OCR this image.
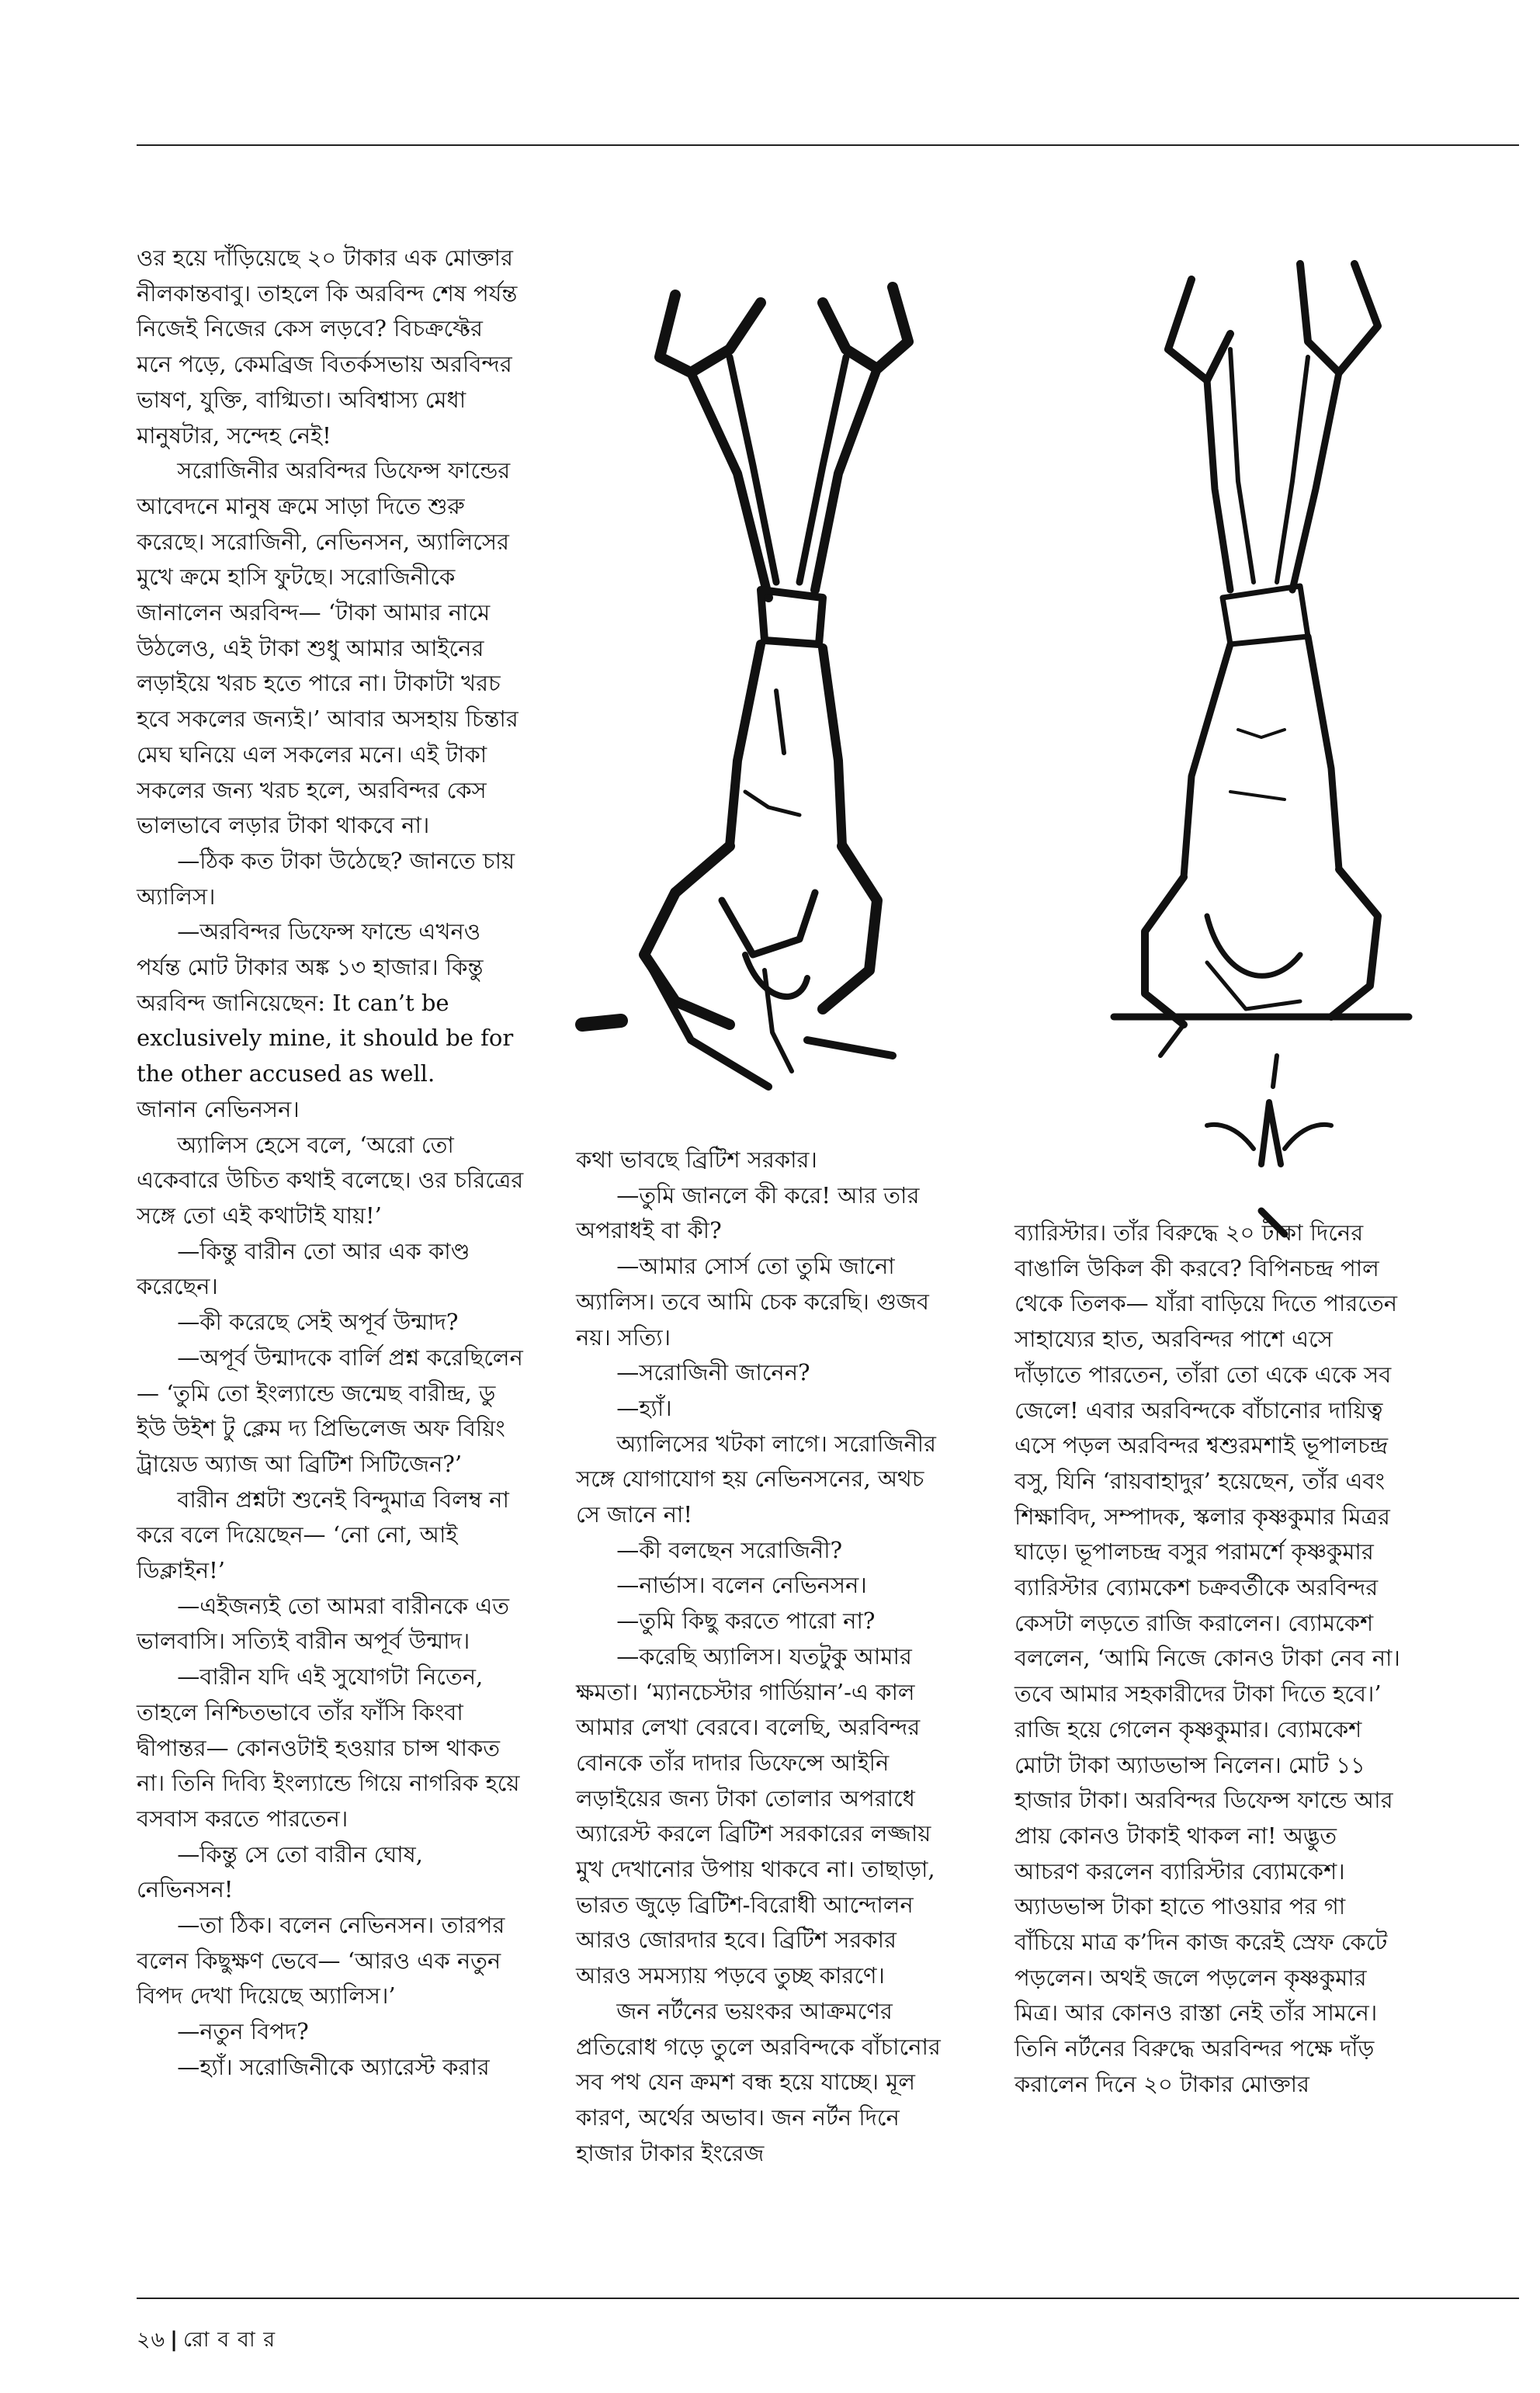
ওর হয়ে দাঁড়িয়েছে ২০ টাকার এক মোক্তার নীলকান্তবাবু। তাহলে কি অরবিন্দ শেষ পর্যন্ত নিজেই নিজের কেস লড়বে? বিচক্রফ্টের মনে পড়ে, কেমব্রিজ বিতর্কসভায় অরবিন্দর ভাষণ, যুক্তি, বাগ্মিতা। অবিশ্বাস্য মেধা মানুষটার, সন্দেহ নেই!

সরোজিনীর অরবিন্দর ডিফেন্স ফান্ডের আবেদনে মানুষ ক্রমে সাড়া দিতে শুরু করেছে। সরোজিনী, নেভিনসন, অ্যালিসের মুখে ক্রমে হাসি ফুটছে। সরোজিনীকে জানালেন অরবিন্দ— ‘টাকা আমার নামে উঠলেও, এই টাকা শুধু আমার আইনের লড়াইয়ে খরচ হতে পারে না। টাকাটা খরচ হবে সকলের জন্যই।’ আবার অসহায় চিন্তার মেঘ ঘনিয়ে এল সকলের মনে। এই টাকা সকলের জন্য খরচ হলে, অরবিন্দর কেস ভালভাবে লড়ার টাকা থাকবে না।

—ঠিক কত টাকা উঠেছে? জানতে চায় অ্যালিস।

—অরবিন্দর ডিফেন্স ফান্ডে এখনও পর্যন্ত মোট টাকার অঙ্ক ১৩ হাজার। কিন্তু অরবিন্দ জানিয়েছেন: It can’t be exclusively mine, it should be for the other accused as well.

জানান নেভিনসন।

অ্যালিস হেসে বলে, ‘অরো তো একেবারে উচিত কথাই বলেছে। ওর চরিত্রের সঙ্গে তো এই কথাটাই যায়!’

—কিন্তু বারীন তো আর এক কাণ্ড করেছেন।

—কী করেছে সেই অপূর্ব উন্মাদ?

—অপূর্ব উন্মাদকে বার্লি প্রশ্ন করেছিলেন— ‘তুমি তো ইংল্যান্ডে জন্মেছ বারীন্দ্র, ডু ইউ উইশ টু ক্লেম দ্য প্রিভিলেজ অফ বিয়িং ট্রায়েড অ্যাজ আ ব্রিটিশ সিটিজেন?’

বারীন প্রশ্নটা শুনেই বিন্দুমাত্র বিলম্ব না করে বলে দিয়েছেন— ‘নো নো, আই ডিক্লাইন!’

—এইজন্যই তো আমরা বারীনকে এত ভালবাসি। সত্যিই বারীন অপূর্ব উন্মাদ।

—বারীন যদি এই সুযোগটা নিতেন, তাহলে নিশ্চিতভাবে তাঁর ফাঁসি কিংবা দ্বীপান্তর— কোনওটাই হওয়ার চান্স থাকত না। তিনি দিব্যি ইংল্যান্ডে গিয়ে নাগরিক হয়ে বসবাস করতে পারতেন।

—কিন্তু সে তো বারীন ঘোষ, নেভিনসন!

—তা ঠিক। বলেন নেভিনসন। তারপর বলেন কিছুক্ষণ ভেবে— ‘আরও এক নতুন বিপদ দেখা দিয়েছে অ্যালিস।’

—নতুন বিপদ?

—হ্যাঁ। সরোজিনীকে অ্যারেস্ট করার

কথা ভাবছে ব্রিটিশ সরকার।

—তুমি জানলে কী করে! আর তার অপরাধই বা কী?

—আমার সোর্স তো তুমি জানো অ্যালিস। তবে আমি চেক করেছি। গুজব নয়। সত্যি।

—সরোজিনী জানেন?

—হ্যাঁ।

অ্যালিসের খটকা লাগে। সরোজিনীর সঙ্গে যোগাযোগ হয় নেভিনসনের, অথচ সে জানে না!

—কী বলছেন সরোজিনী?

—নার্ভাস। বলেন নেভিনসন।

—তুমি কিছু করতে পারো না?

—করেছি অ্যালিস। যতটুকু আমার ক্ষমতা। ‘ম্যানচেস্টার গার্ডিয়ান’-এ কাল আমার লেখা বেরবে। বলেছি, অরবিন্দর বোনকে তাঁর দাদার ডিফেন্সে আইনি লড়াইয়ের জন্য টাকা তোলার অপরাধে অ্যারেস্ট করলে ব্রিটিশ সরকারের লজ্জায় মুখ দেখানোর উপায় থাকবে না। তাছাড়া, ভারত জুড়ে ব্রিটিশ-বিরোধী আন্দোলন আরও জোরদার হবে। ব্রিটিশ সরকার আরও সমস্যায় পড়বে তুচ্ছ কারণে।

জন নর্টনের ভয়ংকর আক্রমণের প্রতিরোধ গড়ে তুলে অরবিন্দকে বাঁচানোর সব পথ যেন ক্রমশ বন্ধ হয়ে যাচ্ছে। মূল কারণ, অর্থের অভাব। জন নর্টন দিনে হাজার টাকার ইংরেজ

ব্যারিস্টার। তাঁর বিরুদ্ধে ২০ টাকা দিনের বাঙালি উকিল কী করবে? বিপিনচন্দ্র পাল থেকে তিলক— যাঁরা বাড়িয়ে দিতে পারতেন সাহায্যের হাত, অরবিন্দর পাশে এসে দাঁড়াতে পারতেন, তাঁরা তো একে একে সব জেলে! এবার অরবিন্দকে বাঁচানোর দায়িত্ব এসে পড়ল অরবিন্দর শ্বশুরমশাই ভূপালচন্দ্র বসু, যিনি ‘রায়বাহাদুর’ হয়েছেন, তাঁর এবং শিক্ষাবিদ, সম্পাদক, স্কলার কৃষ্ণকুমার মিত্রর ঘাড়ে। ভূপালচন্দ্র বসুর পরামর্শে কৃষ্ণকুমার ব্যারিস্টার ব্যোমকেশ চক্রবর্তীকে অরবিন্দর কেসটা লড়তে রাজি করালেন। ব্যোমকেশ বললেন, ‘আমি নিজে কোনও টাকা নেব না। তবে আমার সহকারীদের টাকা দিতে হবে।’ রাজি হয়ে গেলেন কৃষ্ণকুমার। ব্যোমকেশ মোটা টাকা অ্যাডভান্স নিলেন। মোট ১১ হাজার টাকা। অরবিন্দর ডিফেন্স ফান্ডে আর প্রায় কোনও টাকাই থাকল না! অদ্ভুত আচরণ করলেন ব্যারিস্টার ব্যোমকেশ। অ্যাডভান্স টাকা হাতে পাওয়ার পর গা বাঁচিয়ে মাত্র ক’দিন কাজ করেই স্রেফ কেটে পড়লেন। অথই জলে পড়লেন কৃষ্ণকুমার মিত্র। আর কোনও রাস্তা নেই তাঁর সামনে। তিনি নর্টনের বিরুদ্ধে অরবিন্দর পক্ষে দাঁড় করালেন দিনে ২০ টাকার মোক্তার

২৬ | রো ব বা র
